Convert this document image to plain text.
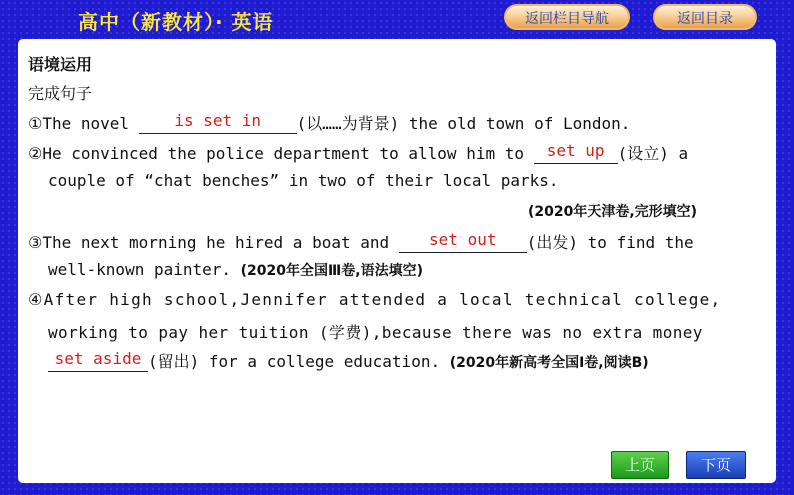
高中（新教材）· 英语	返回栏目导航	返回目录
语境运用
完成句子
①The novel is set in (以……为背景) the old town of London.
②He convinced the police department to allow him to set up (设立) a
couple of “chat benches” in two of their local parks.
(2020年天津卷,完形填空)
③The next morning he hired a boat and set out (出发) to find the
well-known painter. (2020年全国Ⅲ卷,语法填空)
④After high school,Jennifer attended a local technical college,
working to pay her tuition (学费),because there was no extra money
set aside (留出) for a college education. (2020年新高考全国Ⅰ卷,阅读B)
上页	下页
